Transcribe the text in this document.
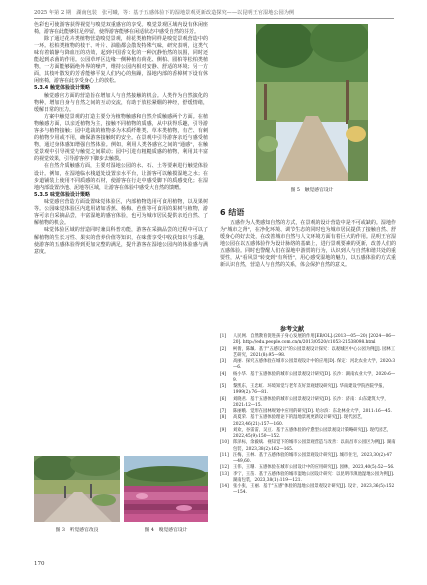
2025 年第 2 期　湖南包装　张可曦，等：基于五感体验下的湿地景观更新改造探究——以昆明王官湿地公园为例

色彩也可使游客获得视觉与嗅觉双重感官的享受。嗅觉景观区域内设有休闲座椅，游客在此能够驻足停留，使得游客能够在闲适状态中感受自然的芬芳。

除了通过花卉类植物营造嗅觉景观，荷花类植物同样是嗅觉景观营造中的一环。松柏类植物的枝干、叶片、油脂都会散发特殊气味，研究表明，这类气味有着镇静与降血压的功效，起到中国香文化的一种沉静怡然的氛围，同时还能起到杀菌的作用。公园草坪区边缘一侧种植有荷花、侧柏、圆柏等松柏类植物，一方面能够隔绝外界的噪声，维持公园内相对安静、舒适的环境；另一方面，其枝叶散发的芳香能够平复人们内心的焦躁，湿地内部的香樟树下设有休闲座椅，游客在此享受身心上的放松。

5.3.4 触觉体验设计策略

触觉感官方面的营造旨在增加人与自然接触的机会。人类作为自然演化的物种，增加自身与自然之间的互动交流，有助于放松紧绷的神经，舒缓情绪，缓解日常的压力。

方案中触觉景观的打造主要分为植物触感和自然介质触感两个方面。在植物触感方面，以亲近植物为主，接触不同植物的质感，从中获得乐趣，引导游客多与植物接触；园中选栽的植物多为木质纤维类、草本类植物，有芒、有刺的植物少用或不用，确保游客接触时的安全。在景观中引导游客亲近与感受植物，通过身体感知增强自然体验。例如，利用人类各感官之间的"通感"，在触觉景观中引导视觉与触觉之间联动；园中引进有粗糙质感的植物，利用其丰富的视觉效果，引导游客停下脚步去触摸。

在自然介质触感方面，主要对湿地公园的水、石、土等要素进行触觉体验设计。例如，在湿地临水栈道处设置亲水平台，让游客可以触摸湿地之水；在步道铺装上使用不同质感的石材，使游客在行走中感受脚下的质感变化；在湿地内部设置沙池、泥地等区域，让游客在体验中感受大自然的馈赠。

5.3.5 味觉体验设计策略

味觉感官营造方面设置味觉体验区，内部植物选用可食用植物，以及果树等。公园味觉体验区内选用诸如香蕉、杨梅、芭蕉等可食用的果树与植物，游客可亲自采摘品尝，丰富湿地的感官体验，也可为城市居民提供亲近自然、了解植物的机会。

味觉体验区域的营造同时兼具科普功能，游客在采摘品尝的过程中可以了解植物的生长习性、果实的营养价值等知识，在味蕾享受中收获知识与乐趣，使游客的五感体验得到更加完整的满足，提升游客在湿地公园内的体验感与满意度。

图 3　听觉感官改良	图 4　嗅觉感官设计
图 5　触觉感官设计
6 结语

五感作为人类感知自然的方式，在景观的设计营造中是不可或缺的。湿地作为"城市之肾"，在净化环境、调节生态的同时也为城市居民提供了接触自然、舒缓身心的好去处，在改善城市自然与人文环境方面有着巨大的作用。昆明王官湿地公园在以五感体验作为设计脉络的基础上，进行景观要素的更新，改善人们的五感体验。同时也警醒人们在湿地中游赏的行为，认识到人与自然和谐共处的重要性，从"看风景"转变到"有所悟"，用心感受湿地的魅力，以五感体验的方式重新认识自然，营造人与自然的关系，体会保护自然的意义。

参考文献
[1]	人民网．自然教育促进孩子身心发展的作用[EB/OL].(2013—05—20) [2024—06—20]. http://edu.people.com.cn/n/2013/0520/c1053-21538098.html
[2]	柯倩，陈珮．基于"五感设计"的公园景观设计探究：以观城区中心公园为例[J]. 园林工艺研究，2021(8):95—98.
[3]	高丽．探究五感体验在城市公园景观设计中的应用[D]. 保定：河北农业大学，2020:3—6.
[4]	杨小华．基于五感体验的城市公园景观设计研究[D]. 长沙：湖南农业大学，2020:6—9.
[5]	黎凯东，王忠虹．环境知觉与老年友好景观建设研究[J]. 华南建设学院西院学报，1999(2):76—81.
[6]	刘晓君．基于五感体验的城市公园景观设计研究[D]. 长沙：济南：山东建筑大学，2021:12—15.
[7]	陈丽娥．觉形在园林规划中应用的研究[D]. 哈尔滨：东北林业大学，2011:16—45.
[8]	高夏荣．基于五感体验理论下的湿地景观更新设计研究[J]. 现代园艺，2023,46(21):157—160.
[9]	刘欢，谷雷雷，吴豆．基于五感体验的疗愈型公园景观设计策略研究[J]. 现代园艺，2022,45(9):150—152.
[10] 郎泽标，余毅斌．视知觉下的城市公园景观营造与改善：以南昌市公园区为例[J]. 湖南包装，2023,38(2):162—165.
[11] 汪梅，王林．基于五感体验的城市公园景观设计研究[J]. 城市住宅，2023,30(2):47—49,60.
[12] 王伟，王珊．五感体验在城市公园设计中的应用研究[J]. 园林，2023,40(5):52—56.
[13] 李宁，王苗．基于五感体验的城市湿地公园设计研究：以昆明市滇池湿地公园为例[J]. 湖南包装，2023,38(1):119—121.
[14] 张小张，王丽．基于"五感"体验的湿地公园景观设计研究[J]. 设计，2023,36(5):152—154.
170
